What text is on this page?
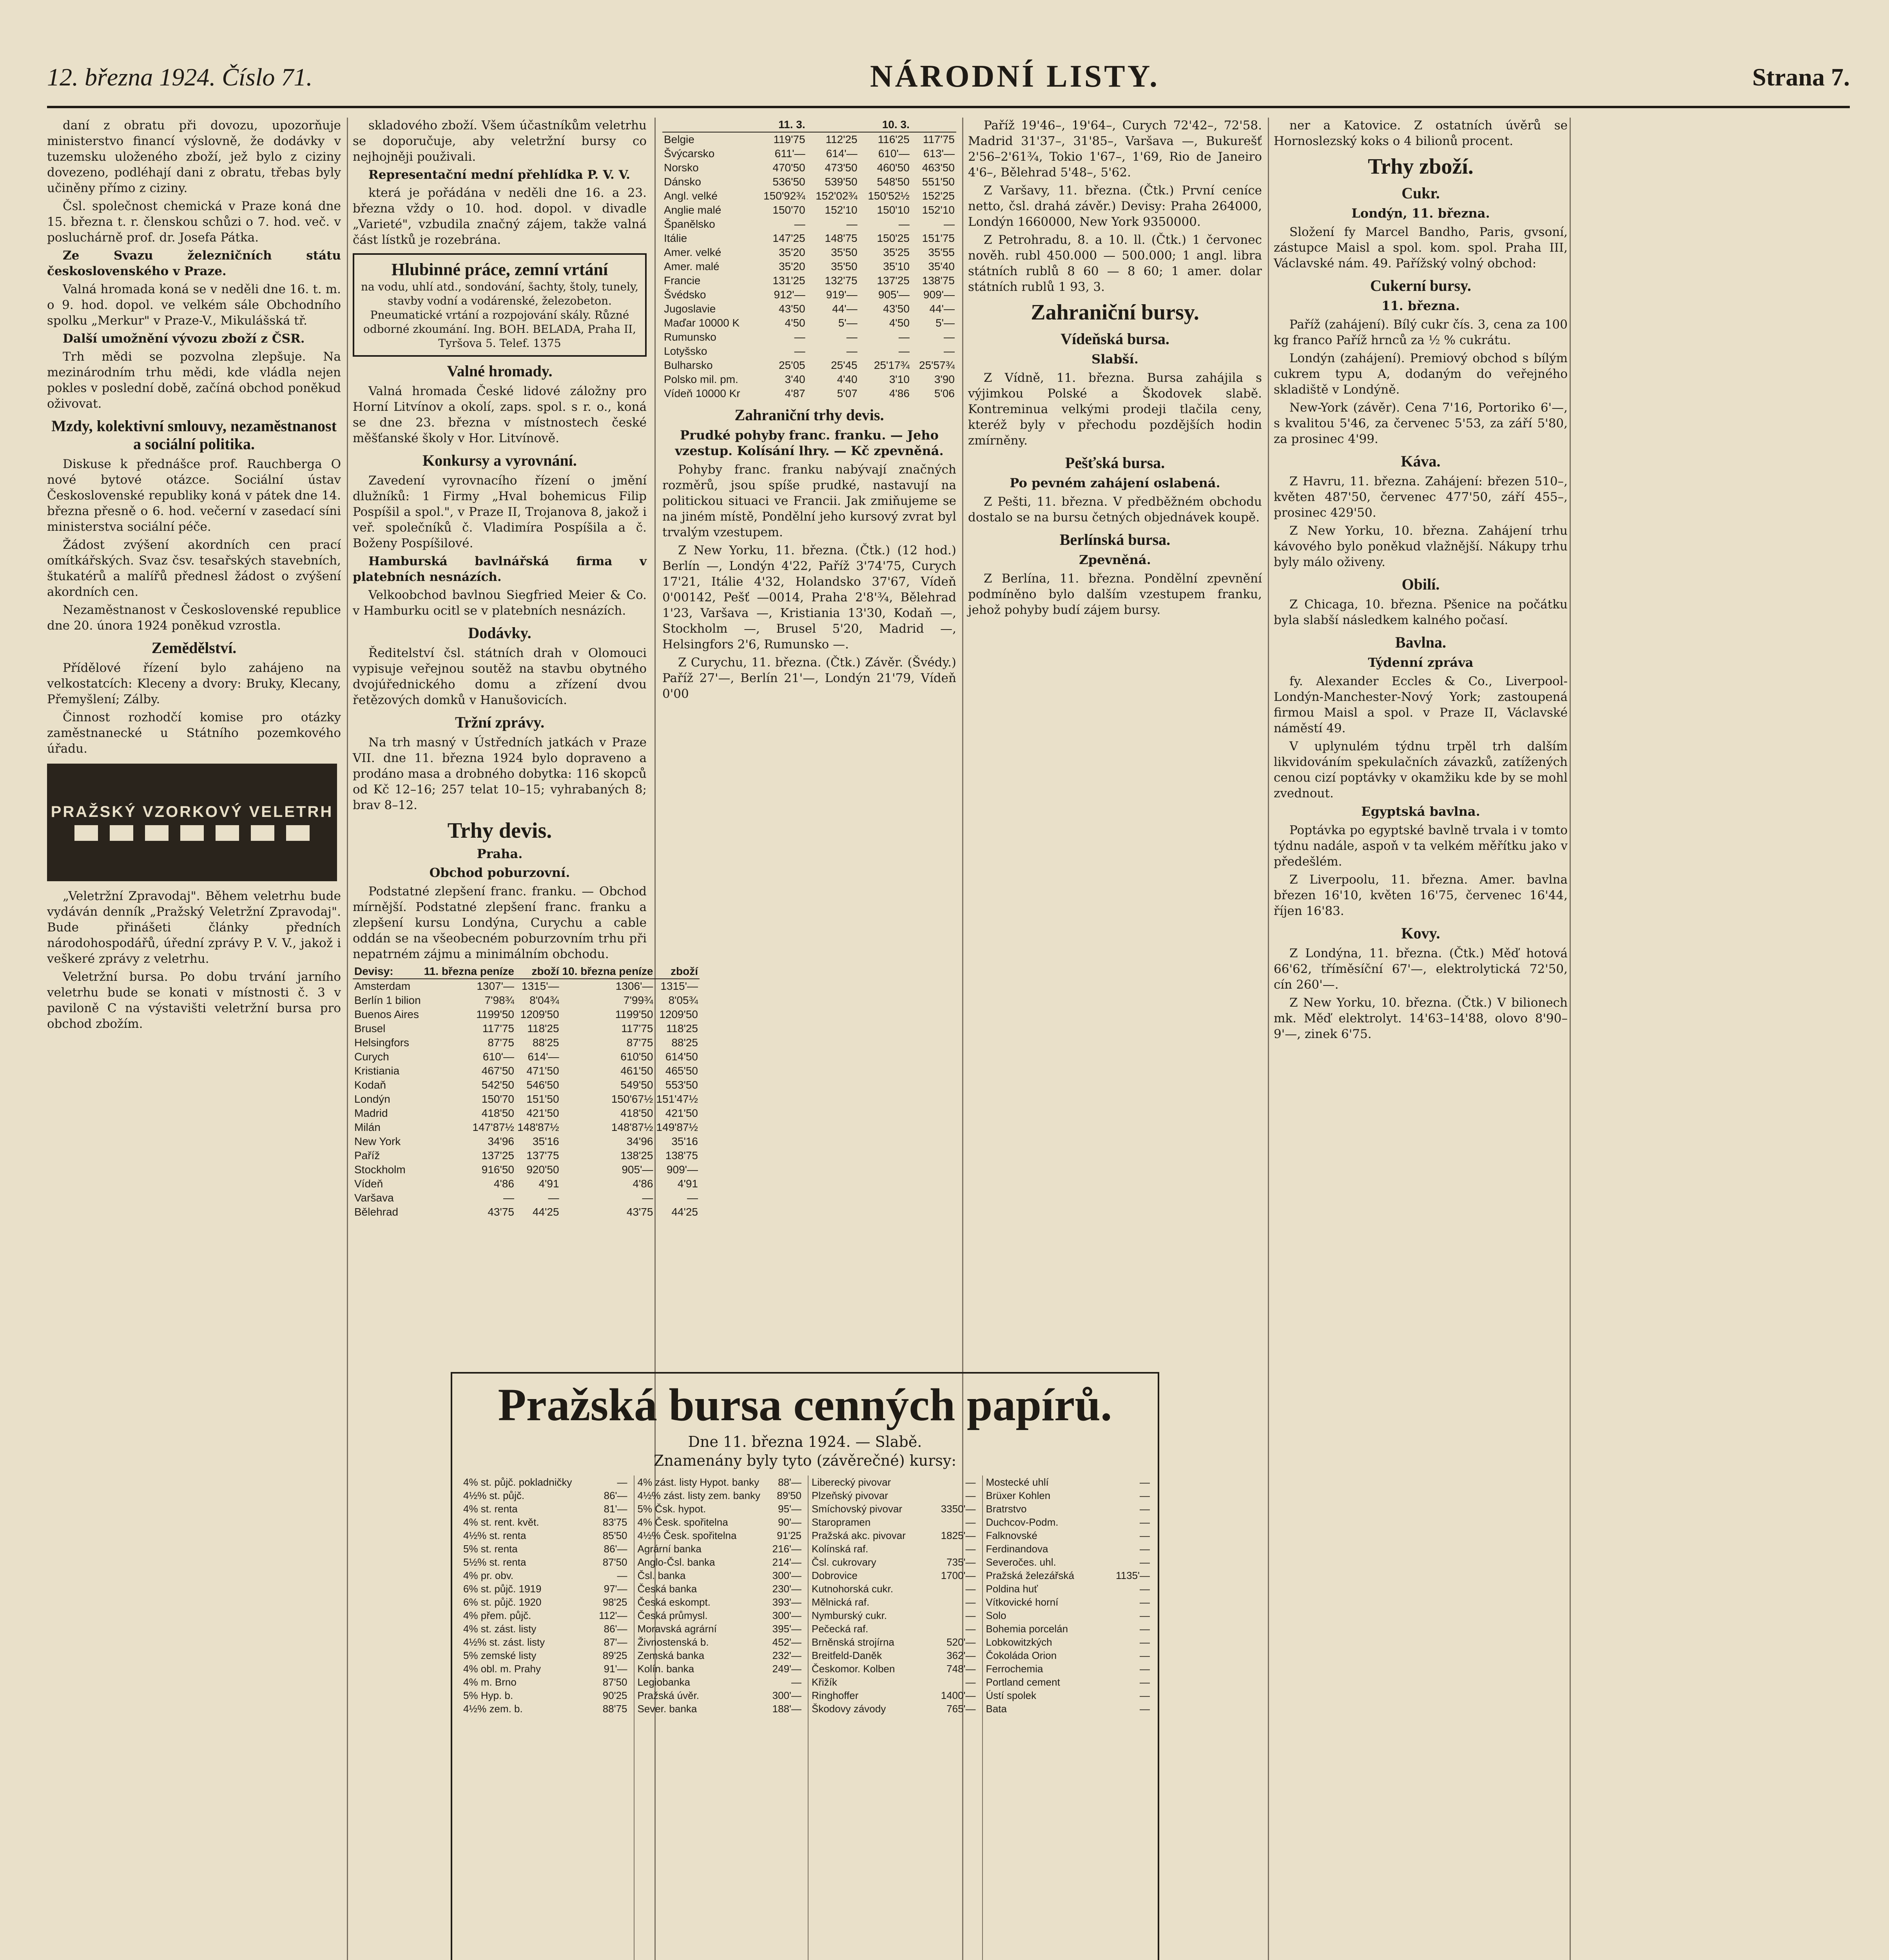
12. března 1924. Číslo 71.	NÁRODNÍ LISTY.	Strana 7.

daní z obratu při dovozu, upozorňuje ministerstvo financí výslovně, že dodávky v tuzemsku uloženého zboží, jež bylo z ciziny dovezeno, podléhají dani z obratu, třebas byly učiněny přímo z ciziny.

Čsl. společnost chemická v Praze koná dne 15. března t. r. členskou schůzi o 7. hod. več. v posluchárně prof. dr. Josefa Pátka.

Ze Svazu železničních státu československého v Praze.

Valná hromada koná se v neděli dne 16. t. m. o 9. hod. dopol. ve velkém sále Obchodního spolku „Merkur" v Praze-V., Mikulášská tř.

Další umožnění vývozu zboží z ČSR.

Trh mědi se pozvolna zlepšuje. Na mezinárodním trhu mědi, kde vládla nejen pokles v poslední době, začíná obchod poněkud oživovat.

Mzdy, kolektivní smlouvy, nezaměstnanost a sociální politika.

Diskuse k přednášce prof. Rauchberga O nové bytové otázce. Sociální ústav Československé republiky koná v pátek dne 14. března přesně o 6. hod. večerní v zasedací síni ministerstva sociální péče.

Žádost zvýšení akordních cen prací omítkářských. Svaz čsv. tesařských stavebních, štukatérů a malířů přednesl žádost o zvýšení akordních cen.

Nezaměstnanost v Československé republice dne 20. února 1924 poněkud vzrostla.

Zemědělství.

Přídělové řízení bylo zahájeno na velkostatcích: Kleceny a dvory: Bruky, Klecany, Přemyšlení; Zálby.

Činnost rozhodčí komise pro otázky zaměstnanecké u Státního pozemkového úřadu.

PRAŽSKÝ VZORKOVÝ VELETRH

„Veletržní Zpravodaj". Během veletrhu bude vydáván denník „Pražský Veletržní Zpravodaj". Bude přinášeti články předních národohospodářů, úřední zprávy P. V. V., jakož i veškeré zprávy z veletrhu.

Veletržní bursa. Po dobu trvání jarního veletrhu bude se konati v místnosti č. 3 v paviloně C na výstavišti veletržní bursa pro obchod zbožím.

skladového zboží. Všem účastníkům veletrhu se doporučuje, aby veletržní bursy co nejhojněji použivali.

Representační mední přehlídka P. V. V.

která je pořádána v neděli dne 16. a 23. března vždy o 10. hod. dopol. v divadle „Varieté", vzbudila značný zájem, takže valná část lístků je rozebrána.

Hlubinné práce, zemní vrtání
na vodu, uhlí atd., sondování, šachty, štoly, tunely, stavby vodní a vodárenské, železobeton. Pneumatické vrtání a rozpojování skály. Různé odborné zkoumání. Ing. BOH. BELADA, Praha II, Tyršova 5. Telef. 1375
Valné hromady.

Valná hromada České lidové záložny pro Horní Litvínov a okolí, zaps. spol. s r. o., koná se dne 23. března v místnostech české měšťanské školy v Hor. Litvínově.

Konkursy a vyrovnání.

Zavedení vyrovnacího řízení o jmění dlužníků: 1 Firmy „Hval bohemicus Filip Pospíšil a spol.", v Praze II, Trojanova 8, jakož i veř. společníků č. Vladimíra Pospíšila a č. Boženy Pospíšilové.

Hamburská bavlnářská firma v platebních nesnázích.

Velkoobchod bavlnou Siegfried Meier & Co. v Hamburku ocitl se v platebních nesnázích.

Dodávky.

Ředitelství čsl. státních drah v Olomouci vypisuje veřejnou soutěž na stavbu obytného dvojúřednického domu a zřízení dvou řetězových domků v Hanušovicích.

Tržní zprávy.

Na trh masný v Ústředních jatkách v Praze VII. dne 11. března 1924 bylo dopraveno a prodáno masa a drobného dobytka: 116 skopců od Kč 12–16; 257 telat 10–15; vyhrabaných 8; brav 8–12.

Trhy devis.
Praha.
Obchod poburzovní.

Podstatné zlepšení franc. franku. — Obchod mírnější. Podstatné zlepšení franc. franku a zlepšení kursu Londýna, Curychu a cable oddán se na všeobecném poburzovním trhu při nepatrném zájmu a minimálním obchodu.

Devisy:	11. března peníze	zboží	10. března peníze	zboží
Amsterdam	1307'—	1315'—	1306'—	1315'—
Berlín 1 bilion	7'98¾	8'04¾	7'99¾	8'05¾
Buenos Aires	1199'50	1209'50	1199'50	1209'50
Brusel	117'75	118'25	117'75	118'25
Helsingfors	87'75	88'25	87'75	88'25
Curych	610'—	614'—	610'50	614'50
Kristiania	467'50	471'50	461'50	465'50
Kodaň	542'50	546'50	549'50	553'50
Londýn	150'70	151'50	150'67½	151'47½
Madrid	418'50	421'50	418'50	421'50
Milán	147'87½	148'87½	148'87½	149'87½
New York	34'96	35'16	34'96	35'16
Paříž	137'25	137'75	138'25	138'75
Stockholm	916'50	920'50	905'—	909'—
Vídeň	4'86	4'91	4'86	4'91
Varšava	—	—	—	—
Bělehrad	43'75	44'25	43'75	44'25
	11. 3.		10. 3.	
Belgie	119'75	112'25	116'25	117'75
Švýcarsko	611'—	614'—	610'—	613'—
Norsko	470'50	473'50	460'50	463'50
Dánsko	536'50	539'50	548'50	551'50
Angl. velké	150'92¾	152'02¾	150'52½	152'25
Anglie malé	150'70	152'10	150'10	152'10
Španělsko	—	—	—	—
Itálie	147'25	148'75	150'25	151'75
Amer. velké	35'20	35'50	35'25	35'55
Amer. malé	35'20	35'50	35'10	35'40
Francie	131'25	132'75	137'25	138'75
Švédsko	912'—	919'—	905'—	909'—
Jugoslavie	43'50	44'—	43'50	44'—
Maďar 10000 K	4'50	5'—	4'50	5'—
Rumunsko	—	—	—	—
Lotyšsko	—	—	—	—
Bulharsko	25'05	25'45	25'17¾	25'57¾
Polsko mil. pm.	3'40	4'40	3'10	3'90
Vídeň 10000 Kr	4'87	5'07	4'86	5'06
Zahraniční trhy devis.
Prudké pohyby franc. franku. — Jeho vzestup. Kolísání lhry. — Kč zpevněná.

Pohyby franc. franku nabývají značných rozměrů, jsou spíše prudké, nastavují na politickou situaci ve Francii. Jak zmiňujeme se na jiném místě, Pondělní jeho kursový zvrat byl trvalým vzestupem.

Z New Yorku, 11. března. (Čtk.) (12 hod.) Berlín —, Londýn 4'22, Paříž 3'74'75, Curych 17'21, Itálie 4'32, Holandsko 37'67, Vídeň 0'00142, Pešť —0014, Praha 2'8'¾, Bělehrad 1'23, Varšava —, Kristiania 13'30, Kodaň —, Stockholm —, Brusel 5'20, Madrid —, Helsingfors 2'6, Rumunsko —.

Z Curychu, 11. března. (Čtk.) Závěr. (Švédy.) Paříž 27'—, Berlín 21'—, Londýn 21'79, Vídeň 0'00

Paříž 19'46–, 19'64–, Curych 72'42–, 72'58. Madrid 31'37–, 31'85–, Varšava —, Bukurešť 2'56–2'61¾, Tokio 1'67–, 1'69, Rio de Janeiro 4'6–, Bělehrad 5'48–, 5'62.

Z Varšavy, 11. března. (Čtk.) První ceníce netto, čsl. drahá závěr.) Devisy: Praha 264000, Londýn 1660000, New York 9350000.

Z Petrohradu, 8. a 10. ll. (Čtk.) 1 červonec nověh. rubl 450.000 — 500.000; 1 angl. libra státních rublů 8 60 — 8 60; 1 amer. dolar státních rublů 1 93, 3.

Zahraniční bursy.
Vídeňská bursa.
Slabší.

Z Vídně, 11. března. Bursa zahájila s výjimkou Polské a Škodovek slabě. Kontreminua velkými prodeji tlačila ceny, kteréž byly v přechodu pozdějších hodin zmírněny.

Pešťská bursa.
Po pevném zahájení oslabená.

Z Pešti, 11. března. V předběžném obchodu dostalo se na bursu četných objednávek koupě.

Berlínská bursa.
Zpevněná.

Z Berlína, 11. března. Pondělní zpevnění podmíněno bylo dalším vzestupem franku, jehož pohyby budí zájem bursy.

ner a Katovice. Z ostatních úvěrů se Hornoslezský koks o 4 bilionů procent.

Trhy zboží.
Cukr.
Londýn, 11. března.

Složení fy Marcel Bandho, Paris, gvsoní, zástupce Maisl a spol. kom. spol. Praha III, Václavské nám. 49. Pařížský volný obchod:

Cukerní bursy.
11. března.

Paříž (zahájení). Bílý cukr čís. 3, cena za 100 kg franco Paříž hrnců za ½ % cukrátu.

Londýn (zahájení). Premiový obchod s bílým cukrem typu A, dodaným do veřejného skladiště v Londýně.

New-York (závěr). Cena 7'16, Portoriko 6'—, s kvalitou 5'46, za červenec 5'53, za září 5'80, za prosinec 4'99.

Káva.

Z Havru, 11. března. Zahájení: březen 510–, květen 487'50, červenec 477'50, září 455–, prosinec 429'50.

Z New Yorku, 10. března. Zahájení trhu kávového bylo poněkud vlažnější. Nákupy trhu byly málo oživeny.

Obilí.

Z Chicaga, 10. března. Pšenice na počátku byla slabší následkem kalného počasí.

Bavlna.
Týdenní zpráva

fy. Alexander Eccles & Co., Liverpool-Londýn-Manchester-Nový York; zastoupená firmou Maisl a spol. v Praze II, Václavské náměstí 49.

V uplynulém týdnu trpěl trh dalším likvidováním spekulačních závazků, zatížených cenou cizí poptávky v okamžiku kde by se mohl zvednout.

Egyptská bavlna.

Poptávka po egyptské bavlně trvala i v tomto týdnu nadále, aspoň v ta velkém měřítku jako v předešlém.

Z Liverpoolu, 11. března. Amer. bavlna březen 16'10, květen 16'75, červenec 16'44, říjen 16'83.

Kovy.

Z Londýna, 11. března. (Čtk.) Měď hotová 66'62, tříměsíční 67'—, elektrolytická 72'50, cín 260'—.

Z New Yorku, 10. března. (Čtk.) V bilionech mk. Měď elektrolyt. 14'63–14'88, olovo 8'90–9'—, zinek 6'75.

Pražská bursa cenných papírů.
Dne 11. března 1924. — Slabě.
Znamenány byly tyto (závěrečné) kursy:
4% st. půjč. pokladničky	—
4½% st. půjč.	86'—
4% st. renta	81'—
4% st. rent. květ.	83'75
4½% st. renta	85'50
5% st. renta	86'—
5½% st. renta	87'50
4% pr. obv.	—
6% st. půjč. 1919	97'—
6% st. půjč. 1920	98'25
4% přem. půjč.	112'—
4% st. zást. listy	86'—
4½% st. zást. listy	87'—
5% zemské listy	89'25
4% obl. m. Prahy	91'—
4% m. Brno	87'50
5% Hyp. b.	90'25
4½% zem. b.	88'75
4% zást. listy Hypot. banky 88'—
4½% zást. listy zem. banky 89'50
5% Čsk. hypot.	95'—
4% Česk. spořitelna	90'—
4½% Česk. spořitelna	91'25
Agrární banka	216'—
Anglo-Čsl. banka	214'—
Čsl. banka	300'—
Česká banka	230'—
Česká eskompt.	393'—
Česká průmysl.	300'—
Moravská agrární	395'—
Živnostenská b.	452'—
Zemská banka	232'—
Kolín. banka	249'—
Legiobanka	—
Pražská úvěr.	300'—
Sever. banka	188'—
Liberecký pivovar	—
Plzeňský pivovar	—
Smíchovský pivovar	3350'—
Staropramen	—
Pražská akc. pivovar	1825'—
Kolínská raf.	—
Čsl. cukrovary	735'—
Dobrovice	1700'—
Kutnohorská cukr.	—
Mělnická raf.	—
Nymburský cukr.	—
Pečecká raf.	—
Brněnská strojírna	520'—
Breitfeld-Daněk	362'—
Českomor. Kolben	748'—
Křižík	—
Ringhoffer	1400'—
Škodovy závody	765'—
Mostecké uhlí	—
Brüxer Kohlen	—
Bratrstvo	—
Duchcov-Podm.	—
Falknovské	—
Ferdinandova	—
Severočes. uhl.	—
Pražská železářská	1135'—
Poldina huť	—
Vítkovické horní	—
Solo	—
Bohemia porcelán	—
Lobkowitzkých	—
Čokoláda Orion	—
Ferrochemia	—
Portland cement	—
Ústí spolek	—
Bata	—
